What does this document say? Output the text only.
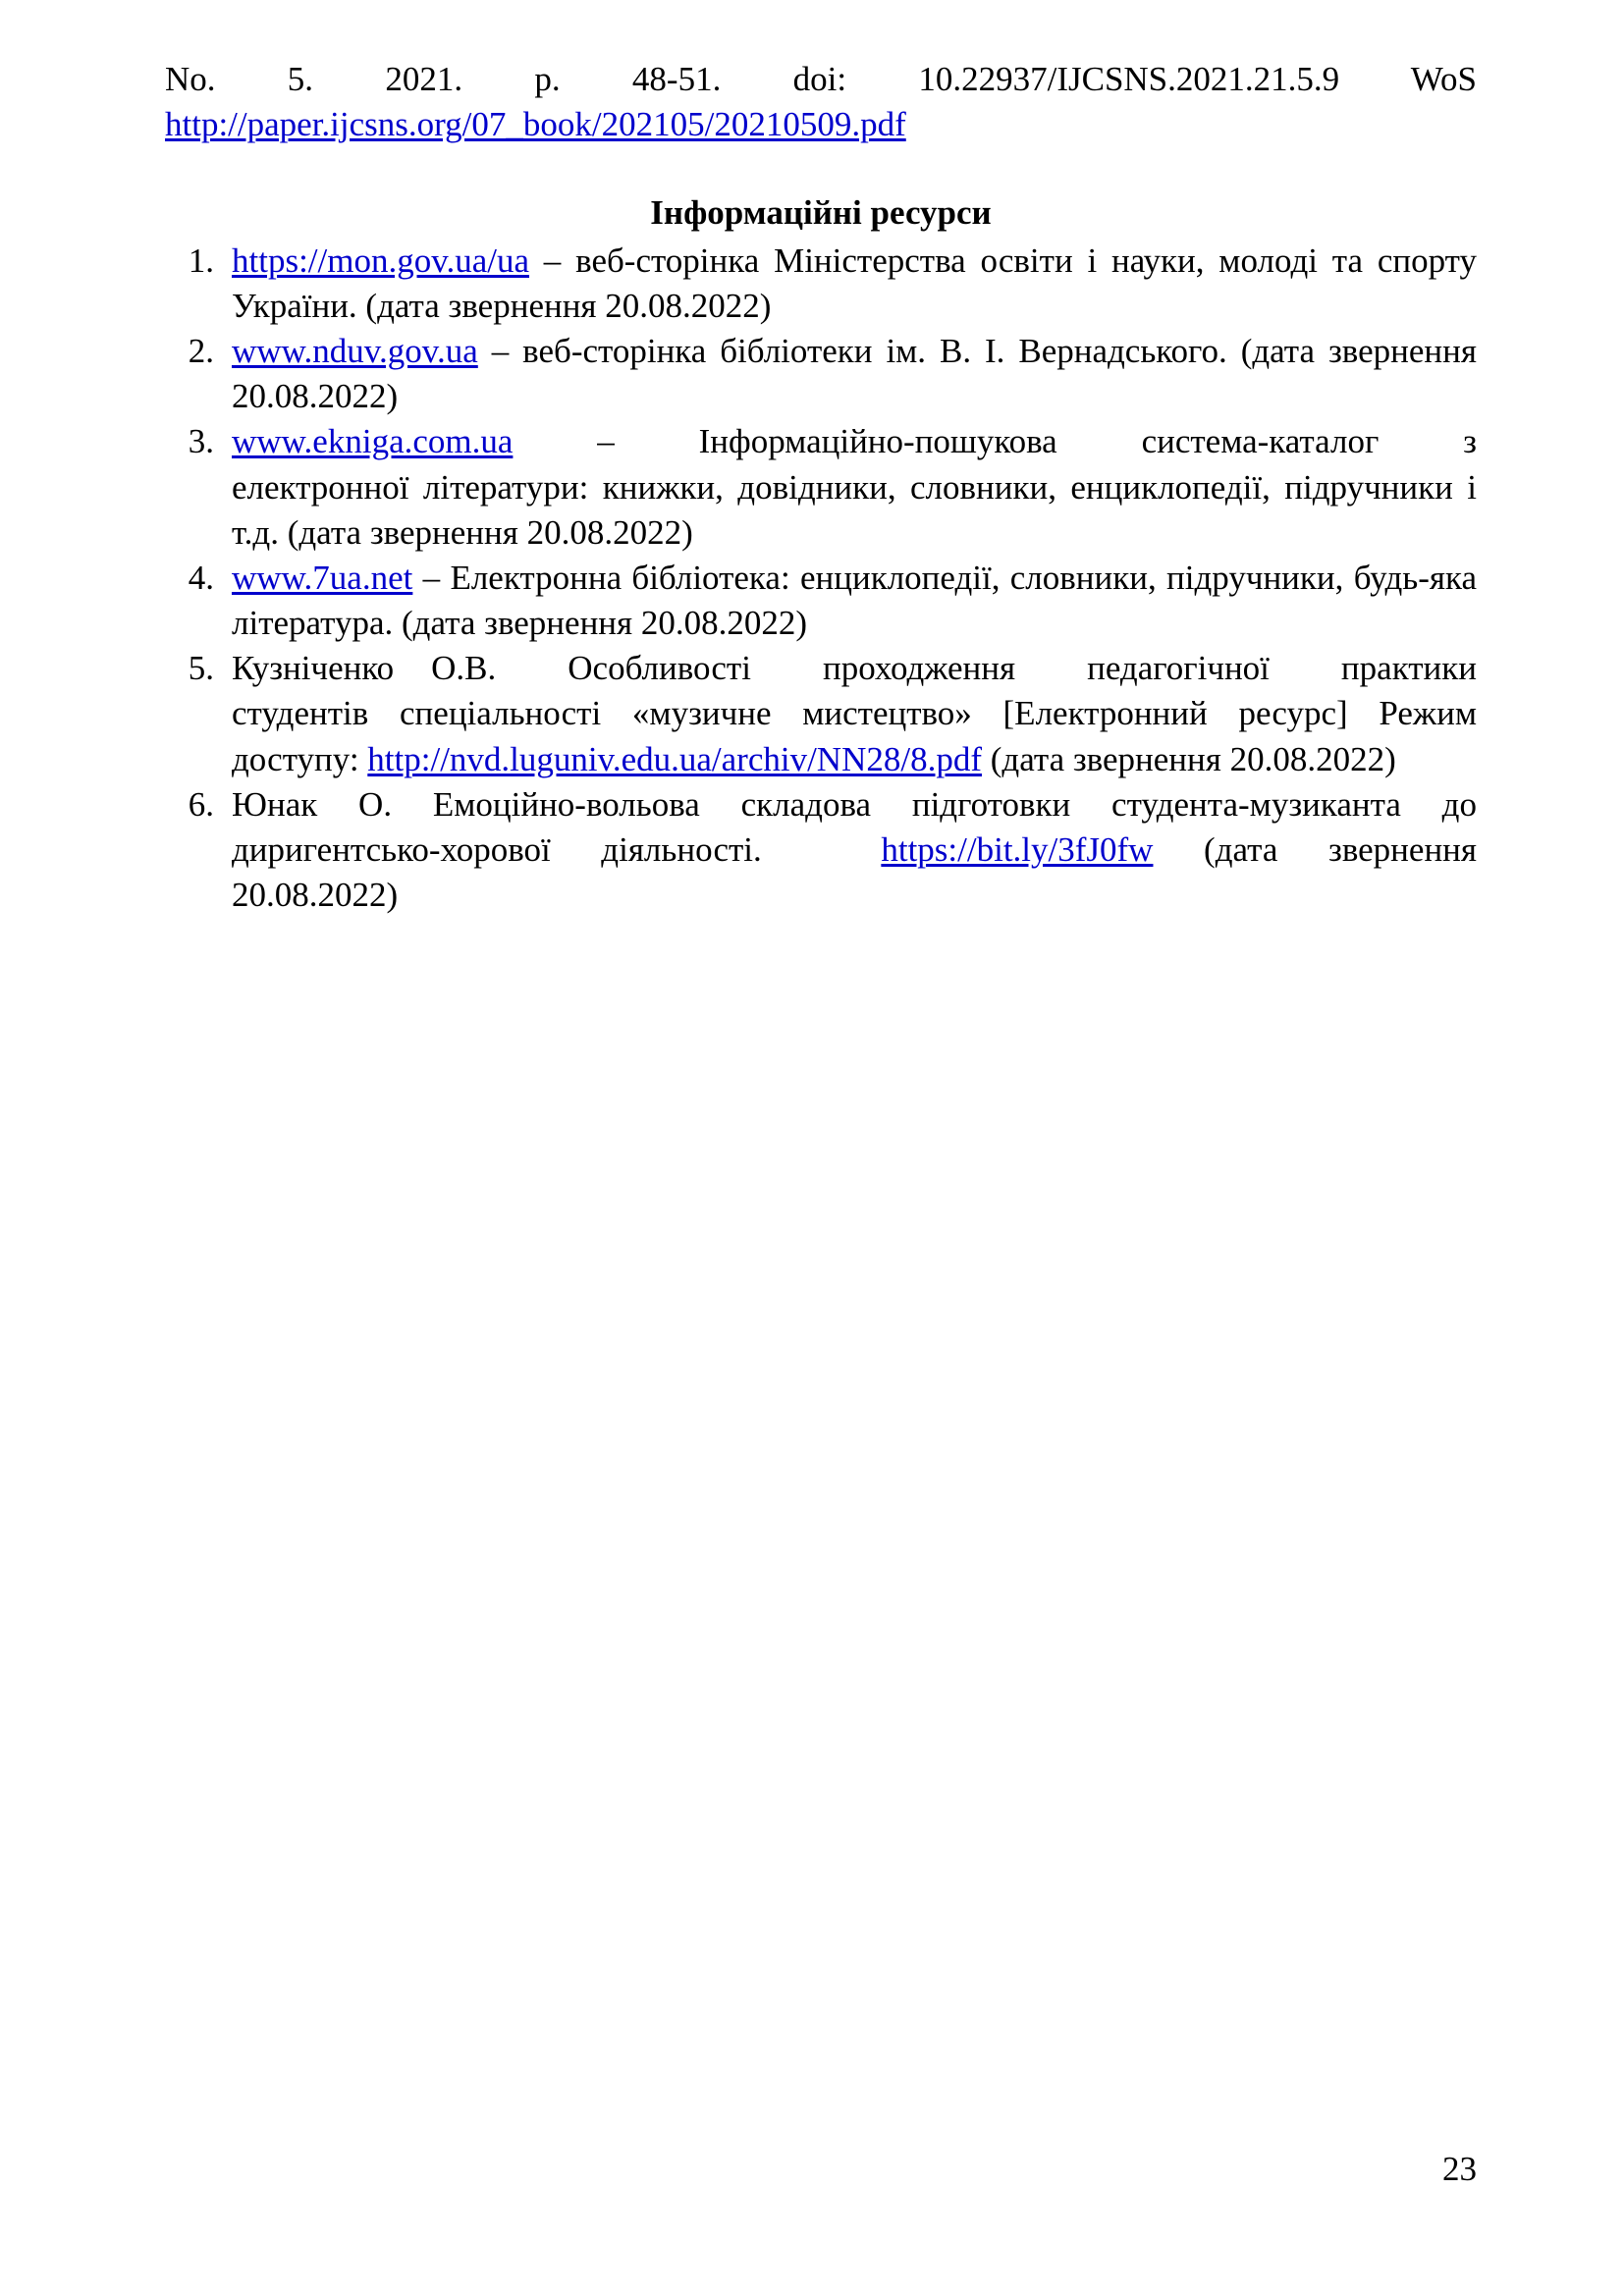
No.  5.  2021.  p.  48-51.  doi:  10.22937/IJCSNS.2021.21.5.9  WoS
http://paper.ijcsns.org/07_book/202105/20210509.pdf

Інформаційні ресурси
https://mon.gov.ua/ua – веб-сторінка Міністерства освіти і науки, молоді та спорту України. (дата звернення 20.08.2022)
www.nduv.gov.ua – веб-сторінка бібліотеки ім. В. І. Вернадського. (дата звернення 20.08.2022)
www.ekniga.com.ua  –  Інформаційно-пошукова  система-каталог  з електронної літератури: книжки, довідники, словники, енциклопедії, підручники і т.д. (дата звернення 20.08.2022)
www.7ua.net – Електронна бібліотека: енциклопедії, словники, підручники, будь-яка література. (дата звернення 20.08.2022)
Кузніченко О.В.  Особливості  проходження  педагогічної  практики студентів спеціальності «музичне мистецтво» [Електронний ресурс] Режим доступу: http://nvd.luguniv.edu.ua/archiv/NN28/8.pdf (дата звернення 20.08.2022)
Юнак О. Емоційно-вольова складова підготовки студента-музиканта до диригентсько-хорової діяльності.   https://bit.ly/3fJ0fw (дата звернення 20.08.2022)
23
